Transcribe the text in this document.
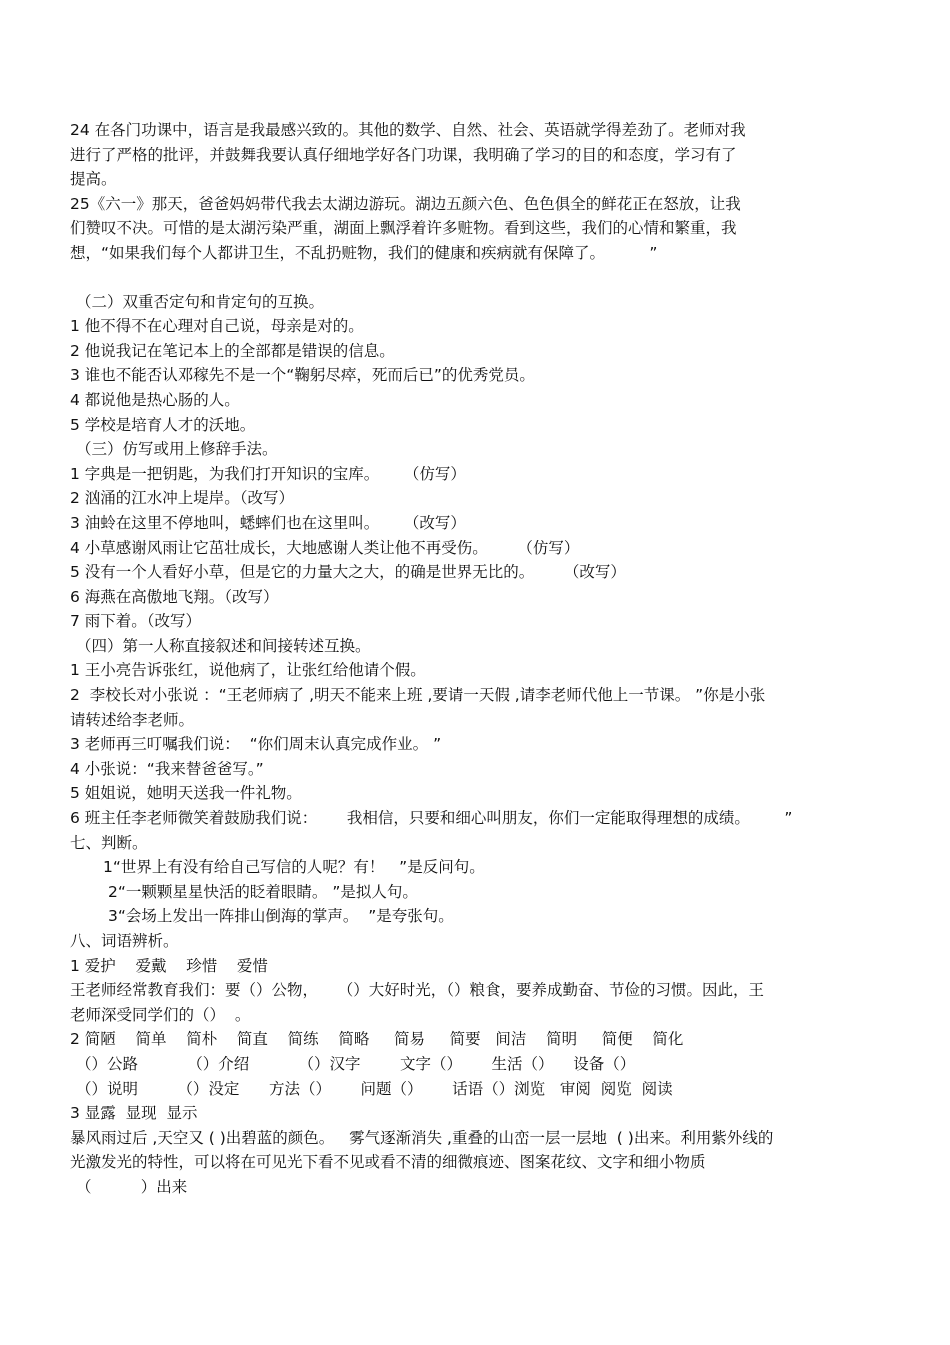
24 在各门功课中，语言是我最感兴致的。其他的数学、自然、社会、英语就学得差劲了。老师对我
进行了严格的批评，并鼓舞我要认真仔细地学好各门功课，我明确了学习的目的和态度，学习有了
提高。
25《六一》那天，爸爸妈妈带代我去太湖边游玩。湖边五颜六色、色色俱全的鲜花正在怒放，让我
们赞叹不决。可惜的是太湖污染严重，湖面上飘浮着许多赃物。看到这些，我们的心情和繁重，我
想，“如果我们每个人都讲卫生，不乱扔赃物，我们的健康和疾病就有保障了。         ”
（二）双重否定句和肯定句的互换。
1 他不得不在心理对自己说，母亲是对的。
2 他说我记在笔记本上的全部都是错误的信息。
3 谁也不能否认邓稼先不是一个“鞠躬尽瘁，死而后已”的优秀党员。
4 都说他是热心肠的人。
5 学校是培育人才的沃地。
（三）仿写或用上修辞手法。
1 字典是一把钥匙，为我们打开知识的宝库。     （仿写）
2 汹涌的江水冲上堤岸。（改写）
3 油蛉在这里不停地叫，蟋蟀们也在这里叫。     （改写）
4 小草感谢风雨让它茁壮成长，大地感谢人类让他不再受伤。      （仿写）
5 没有一个人看好小草，但是它的力量大之大，的确是世界无比的。      （改写）
6 海燕在高傲地飞翔。（改写）
7 雨下着。（改写）
（四）第一人称直接叙述和间接转述互换。
1 王小亮告诉张红，说他病了，让张红给他请个假。
2  李校长对小张说 ：“王老师病了 ,明天不能来上班 ,要请一天假 ,请李老师代他上一节课。 ”你是小张
请转述给李老师。
3 老师再三叮嘱我们说：  “你们周末认真完成作业。 ”
4 小张说：“我来替爸爸写。”
5 姐姐说，她明天送我一件礼物。
6 班主任李老师微笑着鼓励我们说：      我相信，只要和细心叫朋友，你们一定能取得理想的成绩。       ”
七、判断。
1“世界上有没有给自己写信的人呢？有！   ”是反问句。
2“一颗颗星星快活的眨着眼睛。 ”是拟人句。
3“会场上发出一阵排山倒海的掌声。  ”是夸张句。
八、词语辨析。
1 爱护    爱戴    珍惜    爱惜
王老师经常教育我们：要（）公物，    （）大好时光，（）粮食，要养成勤奋、节俭的习惯。因此，王
老师深受同学们的（）  。
2 简陋    简单    简朴    简直    简练    简略     简易     简要   间洁    简明     简便    简化
（）公路          （）介绍          （）汉字        文字（）      生活（）    设备（）
（）说明        （）没定      方法（）      问题（）      话语（）浏览   审阅  阅览  阅读
3 显露  显现  显示
暴风雨过后 ,天空又 ( )出碧蓝的颜色。   雾气逐渐消失 ,重叠的山峦一层一层地  ( )出来。利用紫外线的
光激发光的特性，可以将在可见光下看不见或看不清的细微痕迹、图案花纹、文字和细小物质
（          ）出来
